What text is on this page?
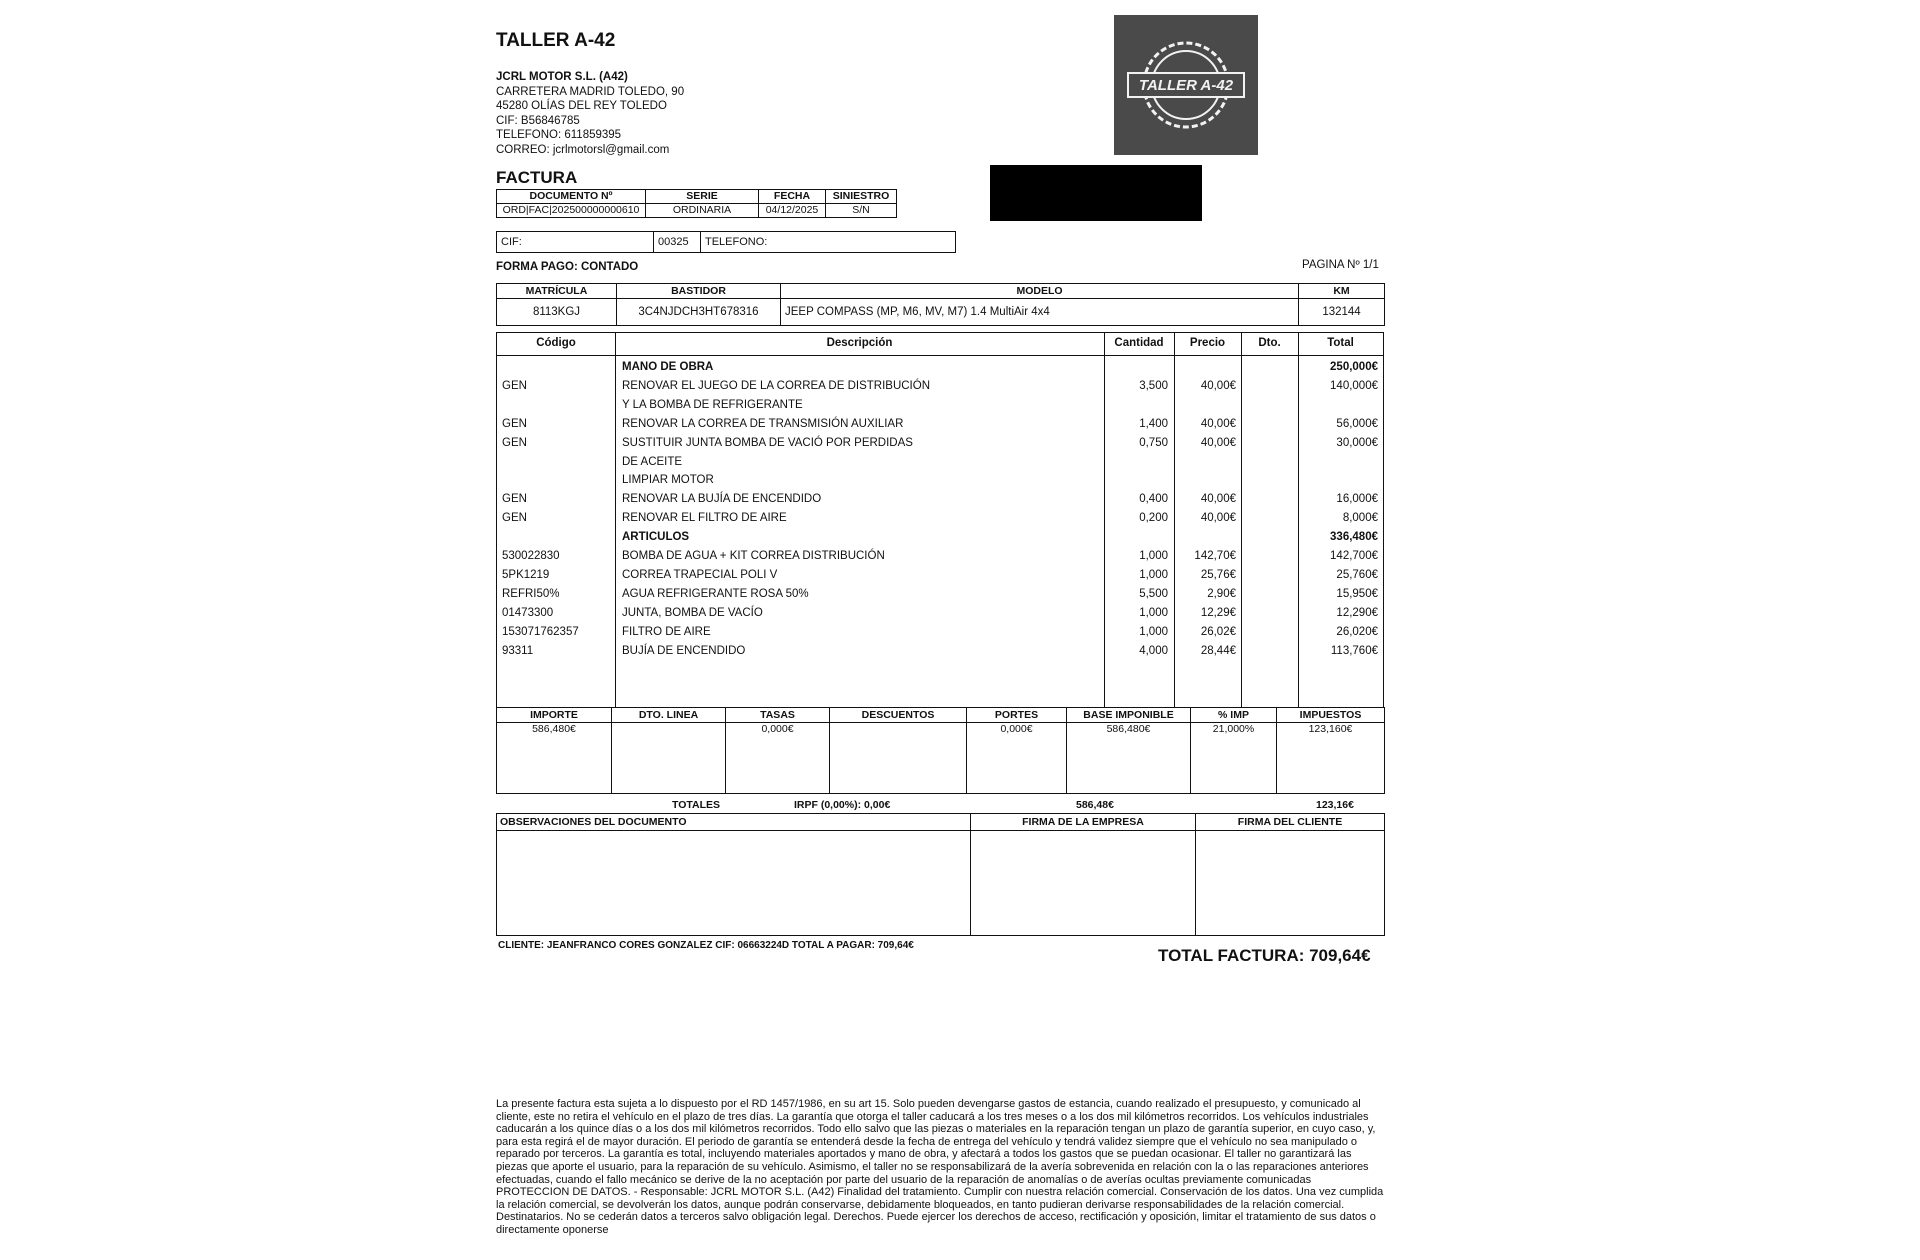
TALLER A-42
JCRL MOTOR S.L. (A42)
CARRETERA MADRID TOLEDO, 90
45280 OLÍAS DEL REY TOLEDO
CIF: B56846785
TELEFONO: 611859395
CORREO: jcrlmotorsl@gmail.com
TALLER A-42
FACTURA
DOCUMENTO Nº	SERIE	FECHA	SINIESTRO
ORD|FAC|202500000000610	ORDINARIA	04/12/2025	S/N
CIF:	00325	TELEFONO:
FORMA PAGO: CONTADO	PAGINA Nº 1/1
MATRÍCULA	BASTIDOR	MODELO	KM
8113KGJ	3C4NJDCH3HT678316	JEEP COMPASS (MP, M6, MV, M7) 1.4 MultiAir 4x4	132144
Código	Descripción	Cantidad	Precio	Dto.	Total
MANO DE OBRA	250,000€
GEN	RENOVAR EL JUEGO DE LA CORREA DE DISTRIBUCIÓN	3,500	40,00€	140,000€
Y LA BOMBA DE REFRIGERANTE
GEN	RENOVAR LA CORREA DE TRANSMISIÓN AUXILIAR	1,400	40,00€	56,000€
GEN	SUSTITUIR JUNTA BOMBA DE VACIÓ POR PERDIDAS	0,750	40,00€	30,000€
DE ACEITE
LIMPIAR MOTOR
GEN	RENOVAR LA BUJÍA DE ENCENDIDO	0,400	40,00€	16,000€
GEN	RENOVAR EL FILTRO DE AIRE	0,200	40,00€	8,000€
ARTICULOS	336,480€
530022830	BOMBA DE AGUA + KIT CORREA DISTRIBUCIÓN	1,000	142,70€	142,700€
5PK1219	CORREA TRAPECIAL POLI V	1,000	25,76€	25,760€
REFRI50%	AGUA REFRIGERANTE ROSA 50%	5,500	2,90€	15,950€
01473300	JUNTA, BOMBA DE VACÍO	1,000	12,29€	12,290€
153071762357	FILTRO DE AIRE	1,000	26,02€	26,020€
93311	BUJÍA DE ENCENDIDO	4,000	28,44€	113,760€
IMPORTE	DTO. LINEA	TASAS	DESCUENTOS	PORTES	BASE IMPONIBLE	% IMP	IMPUESTOS
586,480€		0,000€		0,000€	586,480€	21,000%	123,160€
TOTALES	IRPF (0,00%): 0,00€	586,48€	123,16€
OBSERVACIONES DEL DOCUMENTO	FIRMA DE LA EMPRESA	FIRMA DEL CLIENTE

CLIENTE: JEANFRANCO CORES GONZALEZ CIF: 06663224D TOTAL A PAGAR: 709,64€
TOTAL FACTURA: 709,64€
La presente factura esta sujeta a lo dispuesto por el RD 1457/1986, en su art 15. Solo pueden devengarse gastos de estancia, cuando realizado el presupuesto, y comunicado al cliente, este no retira el vehículo en el plazo de tres días. La garantía que otorga el taller caducará a los tres meses o a los dos mil kilómetros recorridos. Los vehículos industriales caducarán a los quince días o a los dos mil kilómetros recorridos. Todo ello salvo que las piezas o materiales en la reparación tengan un plazo de garantía superior, en cuyo caso, y, para esta regirá el de mayor duración. El periodo de garantía se entenderá desde la fecha de entrega del vehículo y tendrá validez siempre que el vehículo no sea manipulado o reparado por terceros. La garantía es total, incluyendo materiales aportados y mano de obra, y afectará a todos los gastos que se puedan ocasionar. El taller no garantizará las piezas que aporte el usuario, para la reparación de su vehículo. Asimismo, el taller no se responsabilizará de la avería sobrevenida en relación con la o las reparaciones anteriores efectuadas, cuando el fallo mecánico se derive de la no aceptación por parte del usuario de la reparación de anomalías o de averías ocultas previamente comunicadas PROTECCION DE DATOS. - Responsable: JCRL MOTOR S.L. (A42) Finalidad del tratamiento. Cumplir con nuestra relación comercial. Conservación de los datos. Una vez cumplida la relación comercial, se devolverán los datos, aunque podrán conservarse, debidamente bloqueados, en tanto pudieran derivarse responsabilidades de la relación comercial. Destinatarios. No se cederán datos a terceros salvo obligación legal. Derechos. Puede ejercer los derechos de acceso, rectificación y oposición, limitar el tratamiento de sus datos o directamente oponerse
